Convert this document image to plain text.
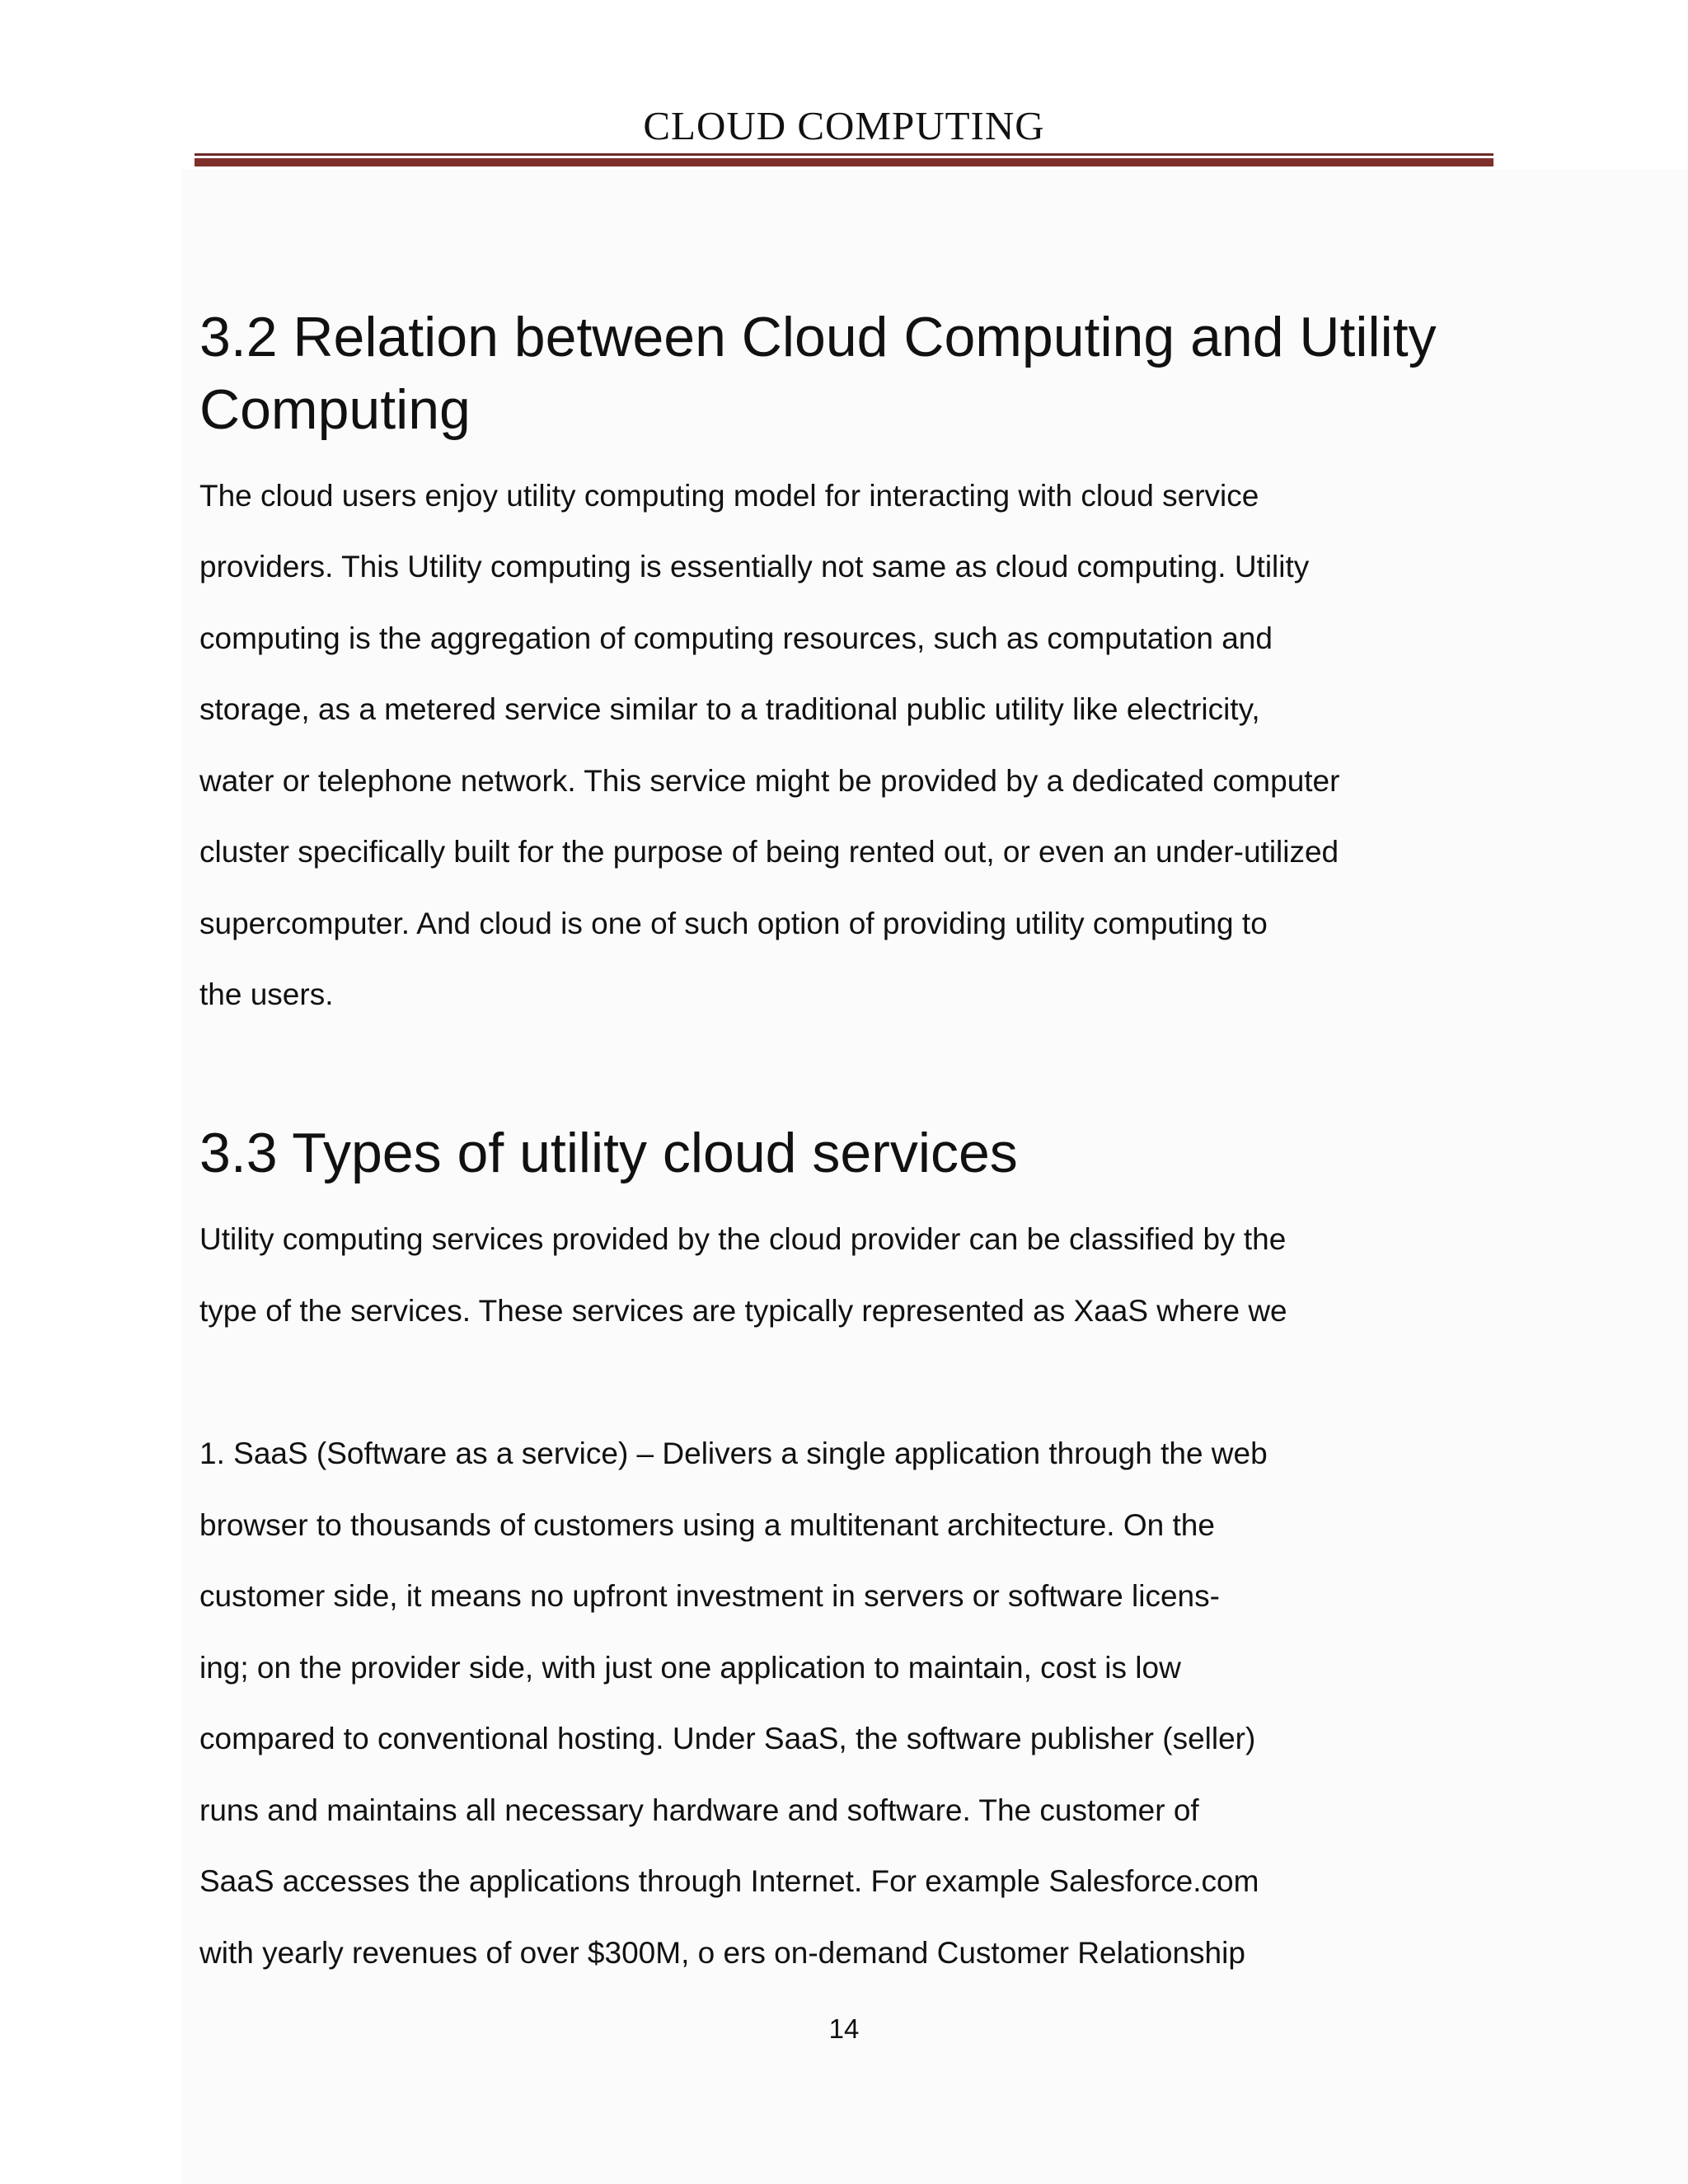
CLOUD COMPUTING
3.2 Relation between Cloud Computing and Utility Computing
The cloud users enjoy utility computing model for interacting with cloud service
providers. This Utility computing is essentially not same as cloud computing. Utility
computing is the aggregation of computing resources, such as computation and
storage, as a metered service similar to a traditional public utility like electricity,
water or telephone network. This service might be provided by a dedicated computer
cluster specifically built for the purpose of being rented out, or even an under-utilized
supercomputer. And cloud is one of such option of providing utility computing to
the users.
3.3 Types of utility cloud services
Utility computing services provided by the cloud provider can be classified by the
type of the services. These services are typically represented as XaaS where we
1. SaaS (Software as a service) – Delivers a single application through the web
browser to thousands of customers using a multitenant architecture. On the
customer side, it means no upfront investment in servers or software licens-
ing; on the provider side, with just one application to maintain, cost is low
compared to conventional hosting. Under SaaS, the software publisher (seller)
runs and maintains all necessary hardware and software. The customer of
SaaS accesses the applications through Internet. For example Salesforce.com
with yearly revenues of over $300M, o ers on-demand Customer Relationship
14
